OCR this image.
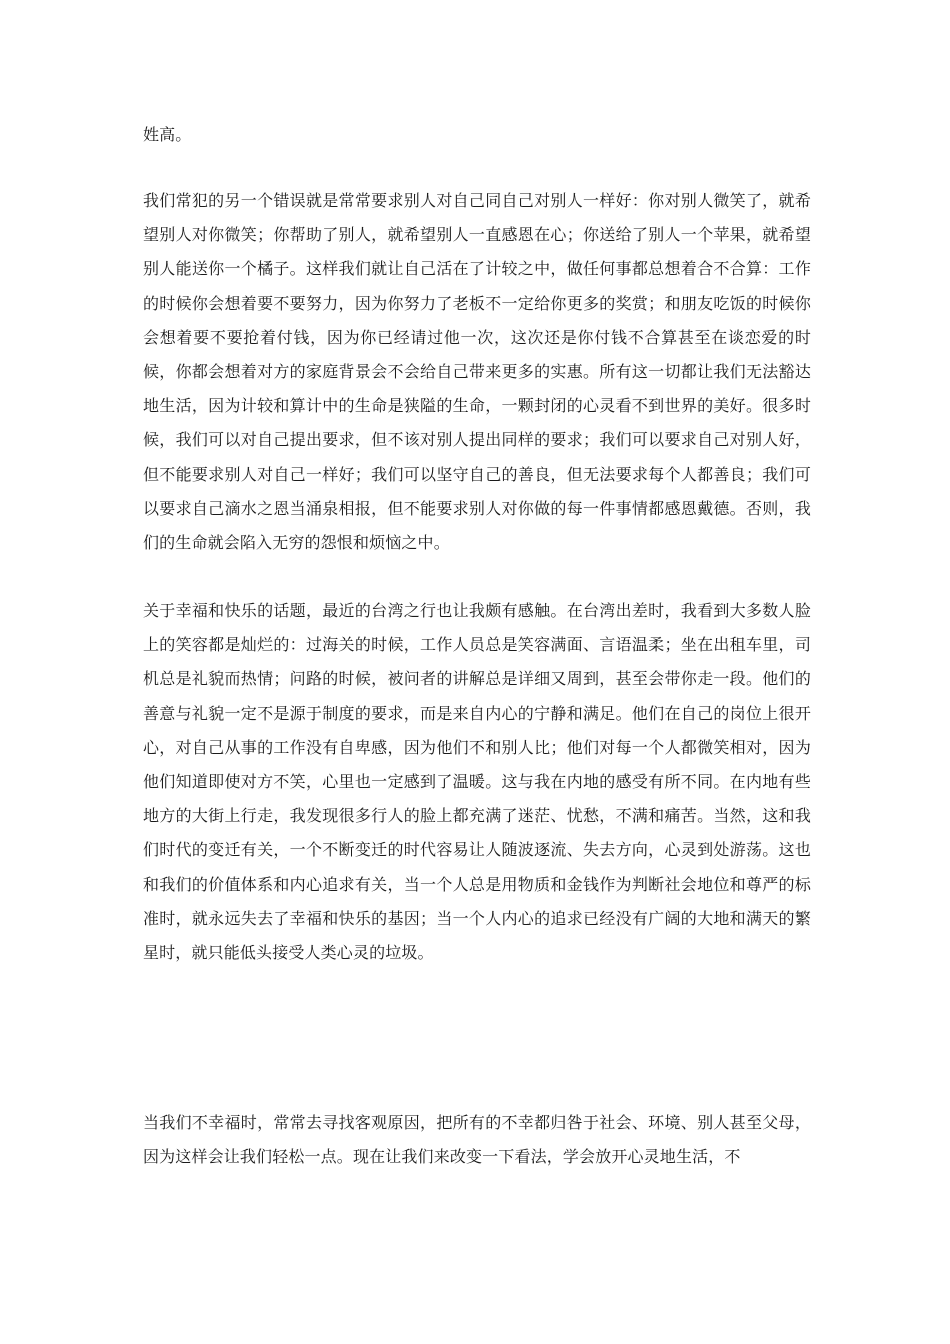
姓高。

我们常犯的另一个错误就是常常要求别人对自己同自己对别人一样好：你对别人微笑了，就希望别人对你微笑；你帮助了别人，就希望别人一直感恩在心；你送给了别人一个苹果，就希望别人能送你一个橘子。这样我们就让自己活在了计较之中，做任何事都总想着合不合算：工作的时候你会想着要不要努力，因为你努力了老板不一定给你更多的奖赏；和朋友吃饭的时候你会想着要不要抢着付钱，因为你已经请过他一次，这次还是你付钱不合算甚至在谈恋爱的时候，你都会想着对方的家庭背景会不会给自己带来更多的实惠。所有这一切都让我们无法豁达地生活，因为计较和算计中的生命是狭隘的生命，一颗封闭的心灵看不到世界的美好。很多时候，我们可以对自己提出要求，但不该对别人提出同样的要求；我们可以要求自己对别人好，但不能要求别人对自己一样好；我们可以坚守自己的善良，但无法要求每个人都善良；我们可以要求自己滴水之恩当涌泉相报，但不能要求别人对你做的每一件事情都感恩戴德。否则，我们的生命就会陷入无穷的怨恨和烦恼之中。

关于幸福和快乐的话题，最近的台湾之行也让我颇有感触。在台湾出差时，我看到大多数人脸上的笑容都是灿烂的：过海关的时候，工作人员总是笑容满面、言语温柔；坐在出租车里，司机总是礼貌而热情；问路的时候，被问者的讲解总是详细又周到，甚至会带你走一段。他们的善意与礼貌一定不是源于制度的要求，而是来自内心的宁静和满足。他们在自己的岗位上很开心，对自己从事的工作没有自卑感，因为他们不和别人比；他们对每一个人都微笑相对，因为他们知道即使对方不笑，心里也一定感到了温暖。这与我在内地的感受有所不同。在内地有些地方的大街上行走，我发现很多行人的脸上都充满了迷茫、忧愁，不满和痛苦。当然，这和我们时代的变迁有关，一个不断变迁的时代容易让人随波逐流、失去方向，心灵到处游荡。这也和我们的价值体系和内心追求有关，当一个人总是用物质和金钱作为判断社会地位和尊严的标准时，就永远失去了幸福和快乐的基因；当一个人内心的追求已经没有广阔的大地和满天的繁星时，就只能低头接受人类心灵的垃圾。

当我们不幸福时，常常去寻找客观原因，把所有的不幸都归咎于社会、环境、别人甚至父母，因为这样会让我们轻松一点。现在让我们来改变一下看法，学会放开心灵地生活，不
